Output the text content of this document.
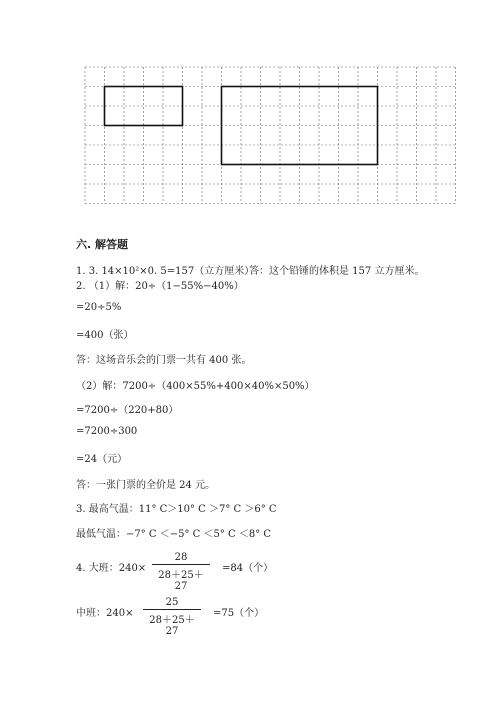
六. 解答题
1. 3. 14×10²×0. 5=157（立方厘米）
答：这个铅锤的体积是 157 立方厘米。
2. （1）解：20÷（1−55%−40%）
=20÷5%
=400（张）
答：这场音乐会的门票一共有 400 张。
（2）解：7200÷（400×55%+400×40%×50%）
=7200÷（220+80）
=7200÷300
=24（元）
答：一张门票的全价是 24 元。
3. 最高气温：11° C＞10° C ＞7° C ＞6° C
最低气温：−7° C ＜−5° C ＜5° C ＜8° C
4. 大班：240×
28
28＋25＋27
=84（个）
中班：240×
25
28＋25＋27
=75（个）
